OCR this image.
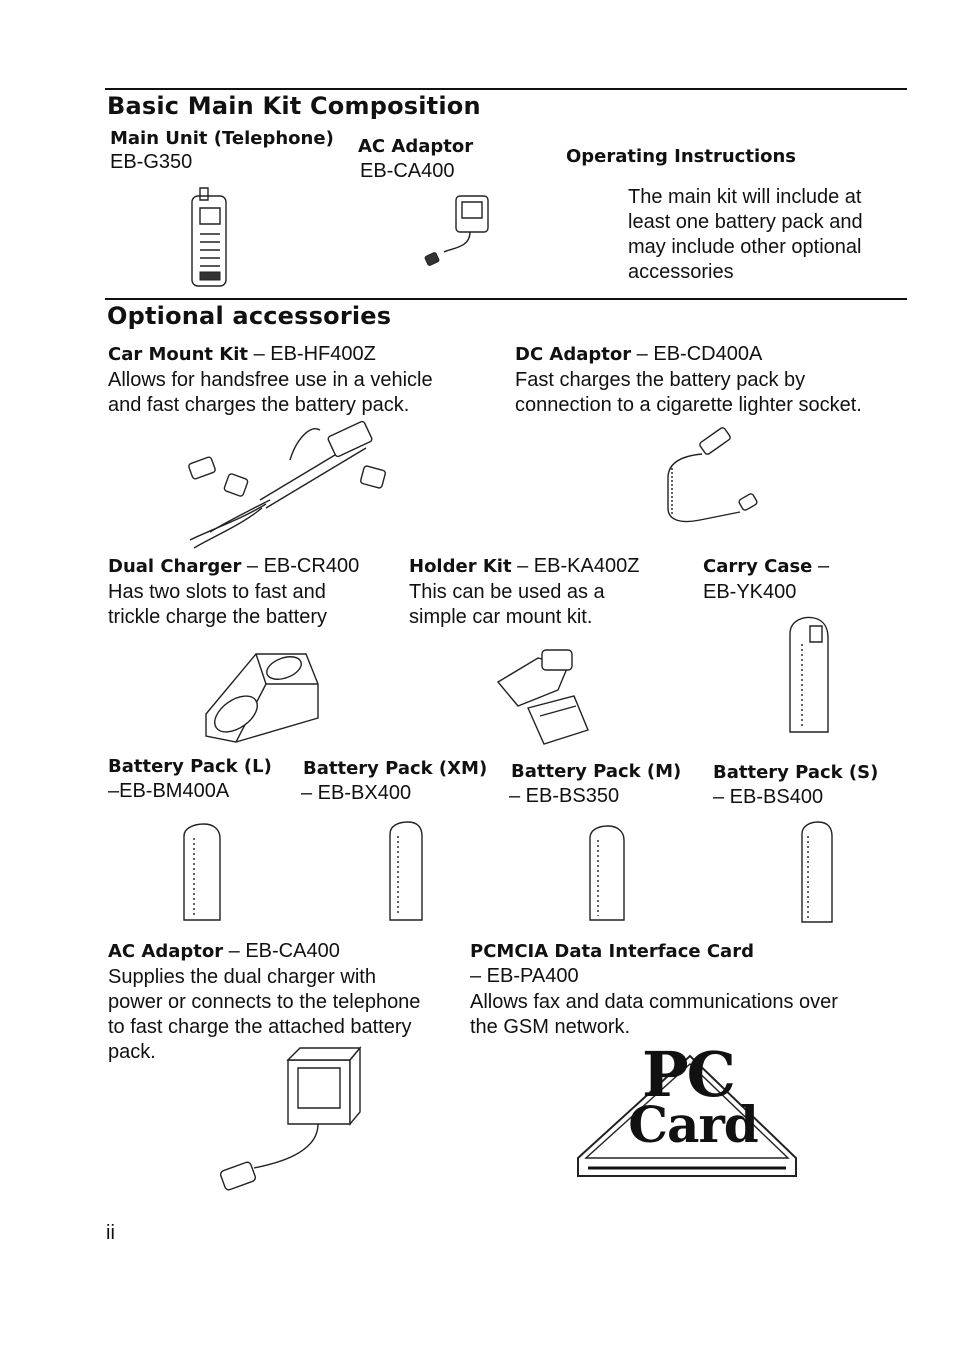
Basic Main Kit Composition
Main Unit (Telephone)
EB-G350
AC Adaptor
EB-CA400
Operating Instructions
The main kit will include at
least one battery pack and
may include other optional
accessories
Optional accessories
Car Mount Kit – EB-HF400Z
Allows for handsfree use in a vehicle
and fast charges the battery pack.
DC Adaptor – EB-CD400A
Fast charges the battery pack by
connection to a cigarette lighter socket.
Dual Charger – EB-CR400
Has two slots to fast and
trickle charge the battery
Holder Kit – EB-KA400Z
This can be used as a
simple car mount kit.
Carry Case –
EB-YK400
Battery Pack (L)
–EB-BM400A
Battery Pack (XM)
– EB-BX400
Battery Pack (M)
– EB-BS350
Battery Pack (S)
– EB-BS400
AC Adaptor – EB-CA400
Supplies the dual charger with
power or connects to the telephone
to fast charge the attached battery
pack.
PCMCIA Data Interface Card
– EB-PA400
Allows fax and data communications over
the GSM network.
PC
Card
ii
